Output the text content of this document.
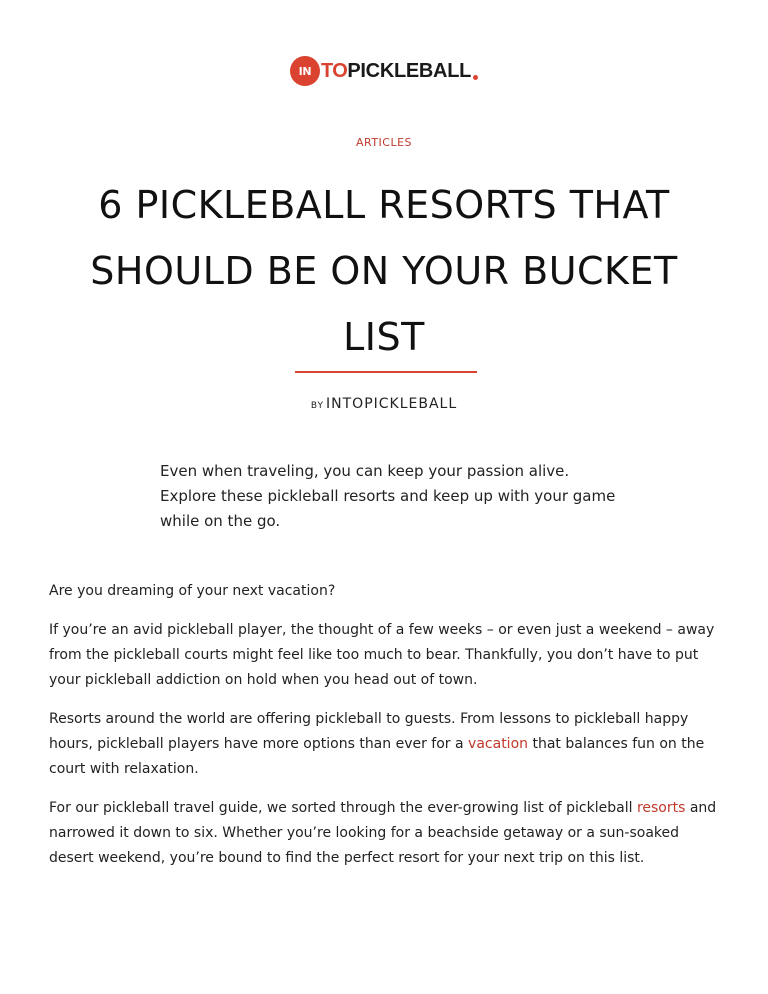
IN TO PICKLEBALL
ARTICLES
6 PICKLEBALL RESORTS THAT SHOULD BE ON YOUR BUCKET LIST
BY INTOPICKLEBALL

Even when traveling, you can keep your passion alive. Explore these pickleball resorts and keep up with your game while on the go.

Are you dreaming of your next vacation?

If you’re an avid pickleball player, the thought of a few weeks – or even just a weekend – away from the pickleball courts might feel like too much to bear. Thankfully, you don’t have to put your pickleball addiction on hold when you head out of town.

Resorts around the world are offering pickleball to guests. From lessons to pickleball happy hours, pickleball players have more options than ever for a vacation that balances fun on the court with relaxation.

For our pickleball travel guide, we sorted through the ever-growing list of pickleball resorts and narrowed it down to six. Whether you’re looking for a beachside getaway or a sun-soaked desert weekend, you’re bound to find the perfect resort for your next trip on this list.
